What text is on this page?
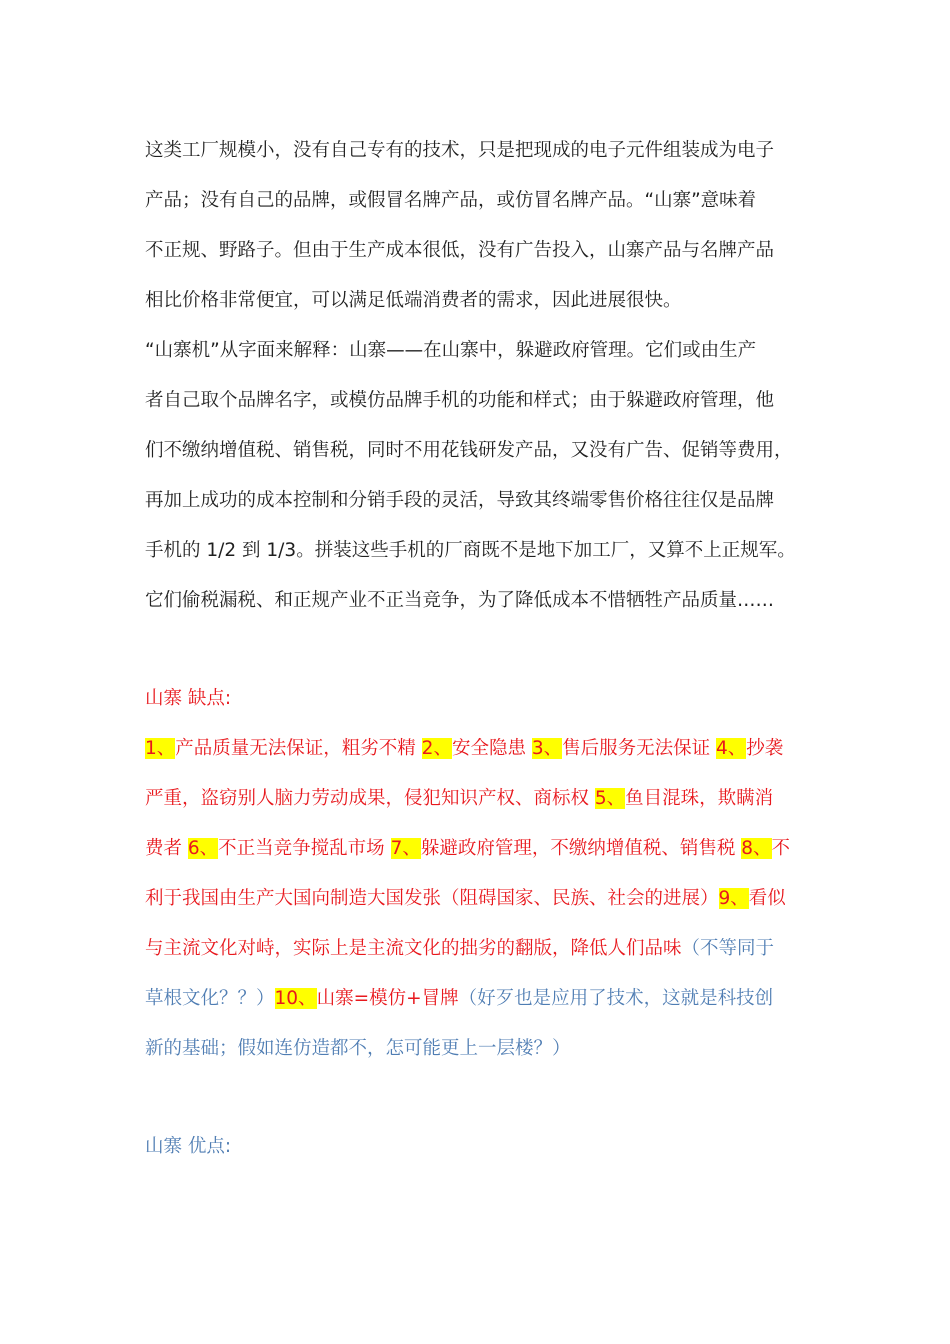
这类工厂规模小，没有自己专有的技术，只是把现成的电子元件组装成为电子
产品；没有自己的品牌，或假冒名牌产品，或仿冒名牌产品。“山寨”意味着
不正规、野路子。但由于生产成本很低，没有广告投入，山寨产品与名牌产品
相比价格非常便宜，可以满足低端消费者的需求，因此进展很快。
“山寨机”从字面来解释：山寨——在山寨中，躲避政府管理。它们或由生产
者自己取个品牌名字，或模仿品牌手机的功能和样式；由于躲避政府管理，他
们不缴纳增值税、销售税，同时不用花钱研发产品，又没有广告、促销等费用，
再加上成功的成本控制和分销手段的灵活，导致其终端零售价格往往仅是品牌
手机的 1/2 到 1/3。拼装这些手机的厂商既不是地下加工厂，又算不上正规军。
它们偷税漏税、和正规产业不正当竞争，为了降低成本不惜牺牲产品质量……
山寨 缺点:
1、产品质量无法保证，粗劣不精 2、安全隐患 3、售后服务无法保证 4、抄袭
严重，盗窃别人脑力劳动成果，侵犯知识产权、商标权 5、鱼目混珠，欺瞒消
费者 6、不正当竞争搅乱市场 7、躲避政府管理，不缴纳增值税、销售税 8、不
利于我国由生产大国向制造大国发张（阻碍国家、民族、社会的进展）9、看似
与主流文化对峙，实际上是主流文化的拙劣的翻版，降低人们品味（不等同于
草根文化？？）10、山寨=模仿+冒牌（好歹也是应用了技术，这就是科技创
新的基础；假如连仿造都不，怎可能更上一层楼？）
山寨 优点:
